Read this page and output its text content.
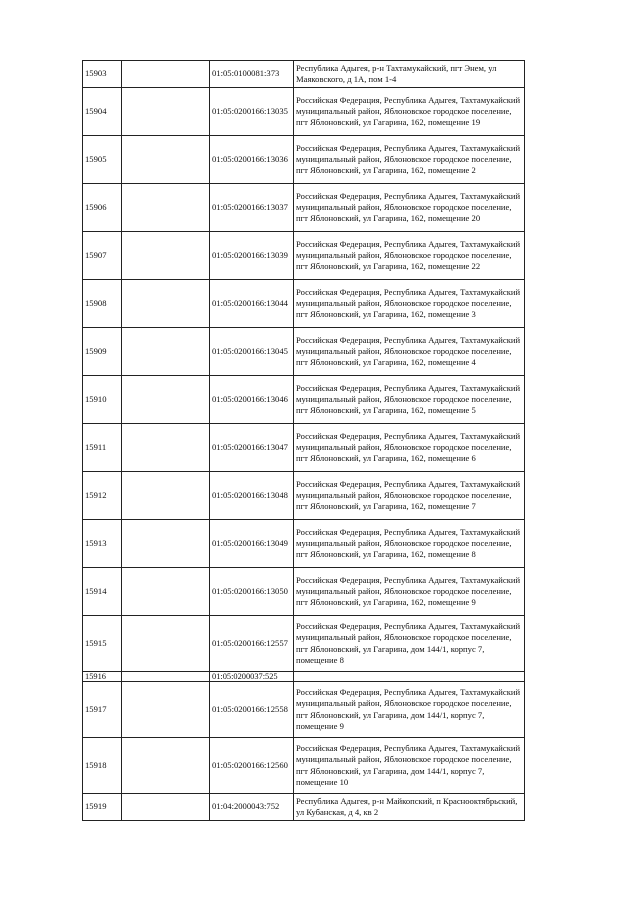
15903		01:05:0100081:373	Республика Адыгея, р-н Тахтамукайский, пгт Энем, ул
Маяковского, д 1А, пом 1-4
15904		01:05:0200166:13035	Российская Федерация, Республика Адыгея, Тахтамукайский
муниципальный район, Яблоновское городское поселение,
пгт Яблоновский, ул Гагарина, 162, помещение 19
15905		01:05:0200166:13036	Российская Федерация, Республика Адыгея, Тахтамукайский
муниципальный район, Яблоновское городское поселение,
пгт Яблоновский, ул Гагарина, 162, помещение 2
15906		01:05:0200166:13037	Российская Федерация, Республика Адыгея, Тахтамукайский
муниципальный район, Яблоновское городское поселение,
пгт Яблоновский, ул Гагарина, 162, помещение 20
15907		01:05:0200166:13039	Российская Федерация, Республика Адыгея, Тахтамукайский
муниципальный район, Яблоновское городское поселение,
пгт Яблоновский, ул Гагарина, 162, помещение 22
15908		01:05:0200166:13044	Российская Федерация, Республика Адыгея, Тахтамукайский
муниципальный район, Яблоновское городское поселение,
пгт Яблоновский, ул Гагарина, 162, помещение 3
15909		01:05:0200166:13045	Российская Федерация, Республика Адыгея, Тахтамукайский
муниципальный район, Яблоновское городское поселение,
пгт Яблоновский, ул Гагарина, 162, помещение 4
15910		01:05:0200166:13046	Российская Федерация, Республика Адыгея, Тахтамукайский
муниципальный район, Яблоновское городское поселение,
пгт Яблоновский, ул Гагарина, 162, помещение 5
15911		01:05:0200166:13047	Российская Федерация, Республика Адыгея, Тахтамукайский
муниципальный район, Яблоновское городское поселение,
пгт Яблоновский, ул Гагарина, 162, помещение 6
15912		01:05:0200166:13048	Российская Федерация, Республика Адыгея, Тахтамукайский
муниципальный район, Яблоновское городское поселение,
пгт Яблоновский, ул Гагарина, 162, помещение 7
15913		01:05:0200166:13049	Российская Федерация, Республика Адыгея, Тахтамукайский
муниципальный район, Яблоновское городское поселение,
пгт Яблоновский, ул Гагарина, 162, помещение 8
15914		01:05:0200166:13050	Российская Федерация, Республика Адыгея, Тахтамукайский
муниципальный район, Яблоновское городское поселение,
пгт Яблоновский, ул Гагарина, 162, помещение 9
15915		01:05:0200166:12557	Российская Федерация, Республика Адыгея, Тахтамукайский
муниципальный район, Яблоновское городское поселение,
пгт Яблоновский, ул Гагарина, дом 144/1, корпус 7,
помещение 8
15916		01:05:0200037:525	
15917		01:05:0200166:12558	Российская Федерация, Республика Адыгея, Тахтамукайский
муниципальный район, Яблоновское городское поселение,
пгт Яблоновский, ул Гагарина, дом 144/1, корпус 7,
помещение 9
15918		01:05:0200166:12560	Российская Федерация, Республика Адыгея, Тахтамукайский
муниципальный район, Яблоновское городское поселение,
пгт Яблоновский, ул Гагарина, дом 144/1, корпус 7,
помещение 10
15919		01:04:2000043:752	Республика Адыгея, р-н Майкопский, п Краснооктябрьский,
ул Кубанская, д 4, кв 2
